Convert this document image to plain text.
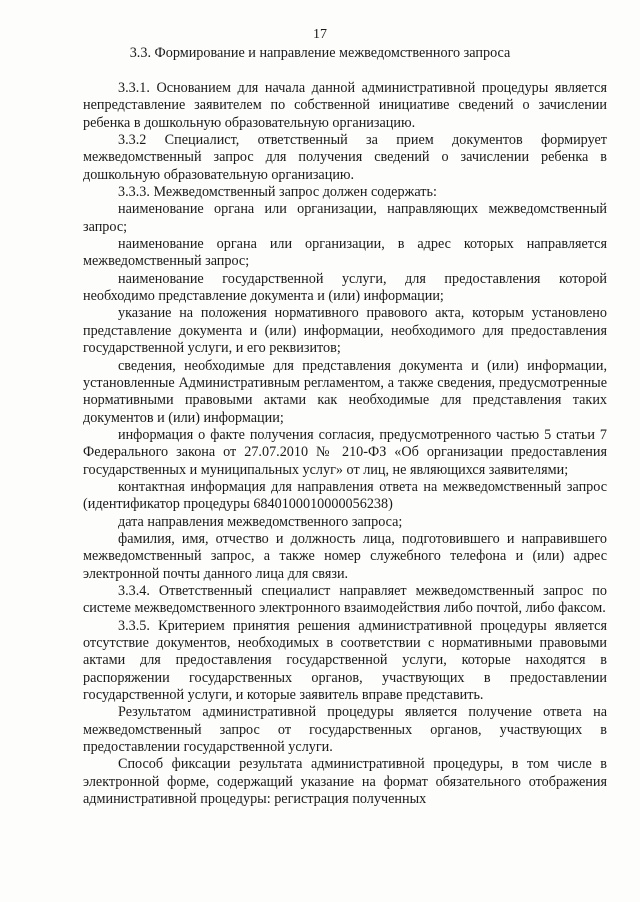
17
3.3. Формирование и направление межведомственного запроса

3.3.1. Основанием для начала данной административной процедуры является непредставление заявителем по собственной инициативе сведений о зачислении ребенка в дошкольную образовательную организацию.

3.3.2 Специалист, ответственный за прием документов формирует межведомственный запрос для получения сведений о зачислении ребенка в дошкольную образовательную организацию.

3.3.3. Межведомственный запрос должен содержать:

наименование органа или организации, направляющих межведомственный запрос;

наименование органа или организации, в адрес которых направляется межведомственный запрос;

наименование государственной услуги, для предоставления которой необходимо представление документа и (или) информации;

указание на положения нормативного правового акта, которым установлено представление документа и (или) информации, необходимого для предоставления государственной услуги, и его реквизитов;

сведения, необходимые для представления документа и (или) информации, установленные Административным регламентом, а также сведения, предусмотренные нормативными правовыми актами как необходимые для представления таких документов и (или) информации;

информация о факте получения согласия, предусмотренного частью 5 статьи 7 Федерального закона от 27.07.2010 № 210-ФЗ «Об организации предоставления государственных и муниципальных услуг» от лиц, не являющихся заявителями;

контактная информация для направления ответа на межведомственный запрос (идентификатор процедуры 6840100010000056238)

дата направления межведомственного запроса;

фамилия, имя, отчество и должность лица, подготовившего и направившего межведомственный запрос, а также номер служебного телефона и (или) адрес электронной почты данного лица для связи.

3.3.4. Ответственный специалист направляет межведомственный запрос по системе межведомственного электронного взаимодействия либо почтой, либо факсом.

3.3.5. Критерием принятия решения административной процедуры является отсутствие документов, необходимых в соответствии с нормативными правовыми актами для предоставления государственной услуги, которые находятся в распоряжении государственных органов, участвующих в предоставлении государственной услуги, и которые заявитель вправе представить.

Результатом административной процедуры является получение ответа на межведомственный запрос от государственных органов, участвующих в предоставлении государственной услуги.

Способ фиксации результата административной процедуры, в том числе в электронной форме, содержащий указание на формат обязательного отображения административной процедуры: регистрация полученных
